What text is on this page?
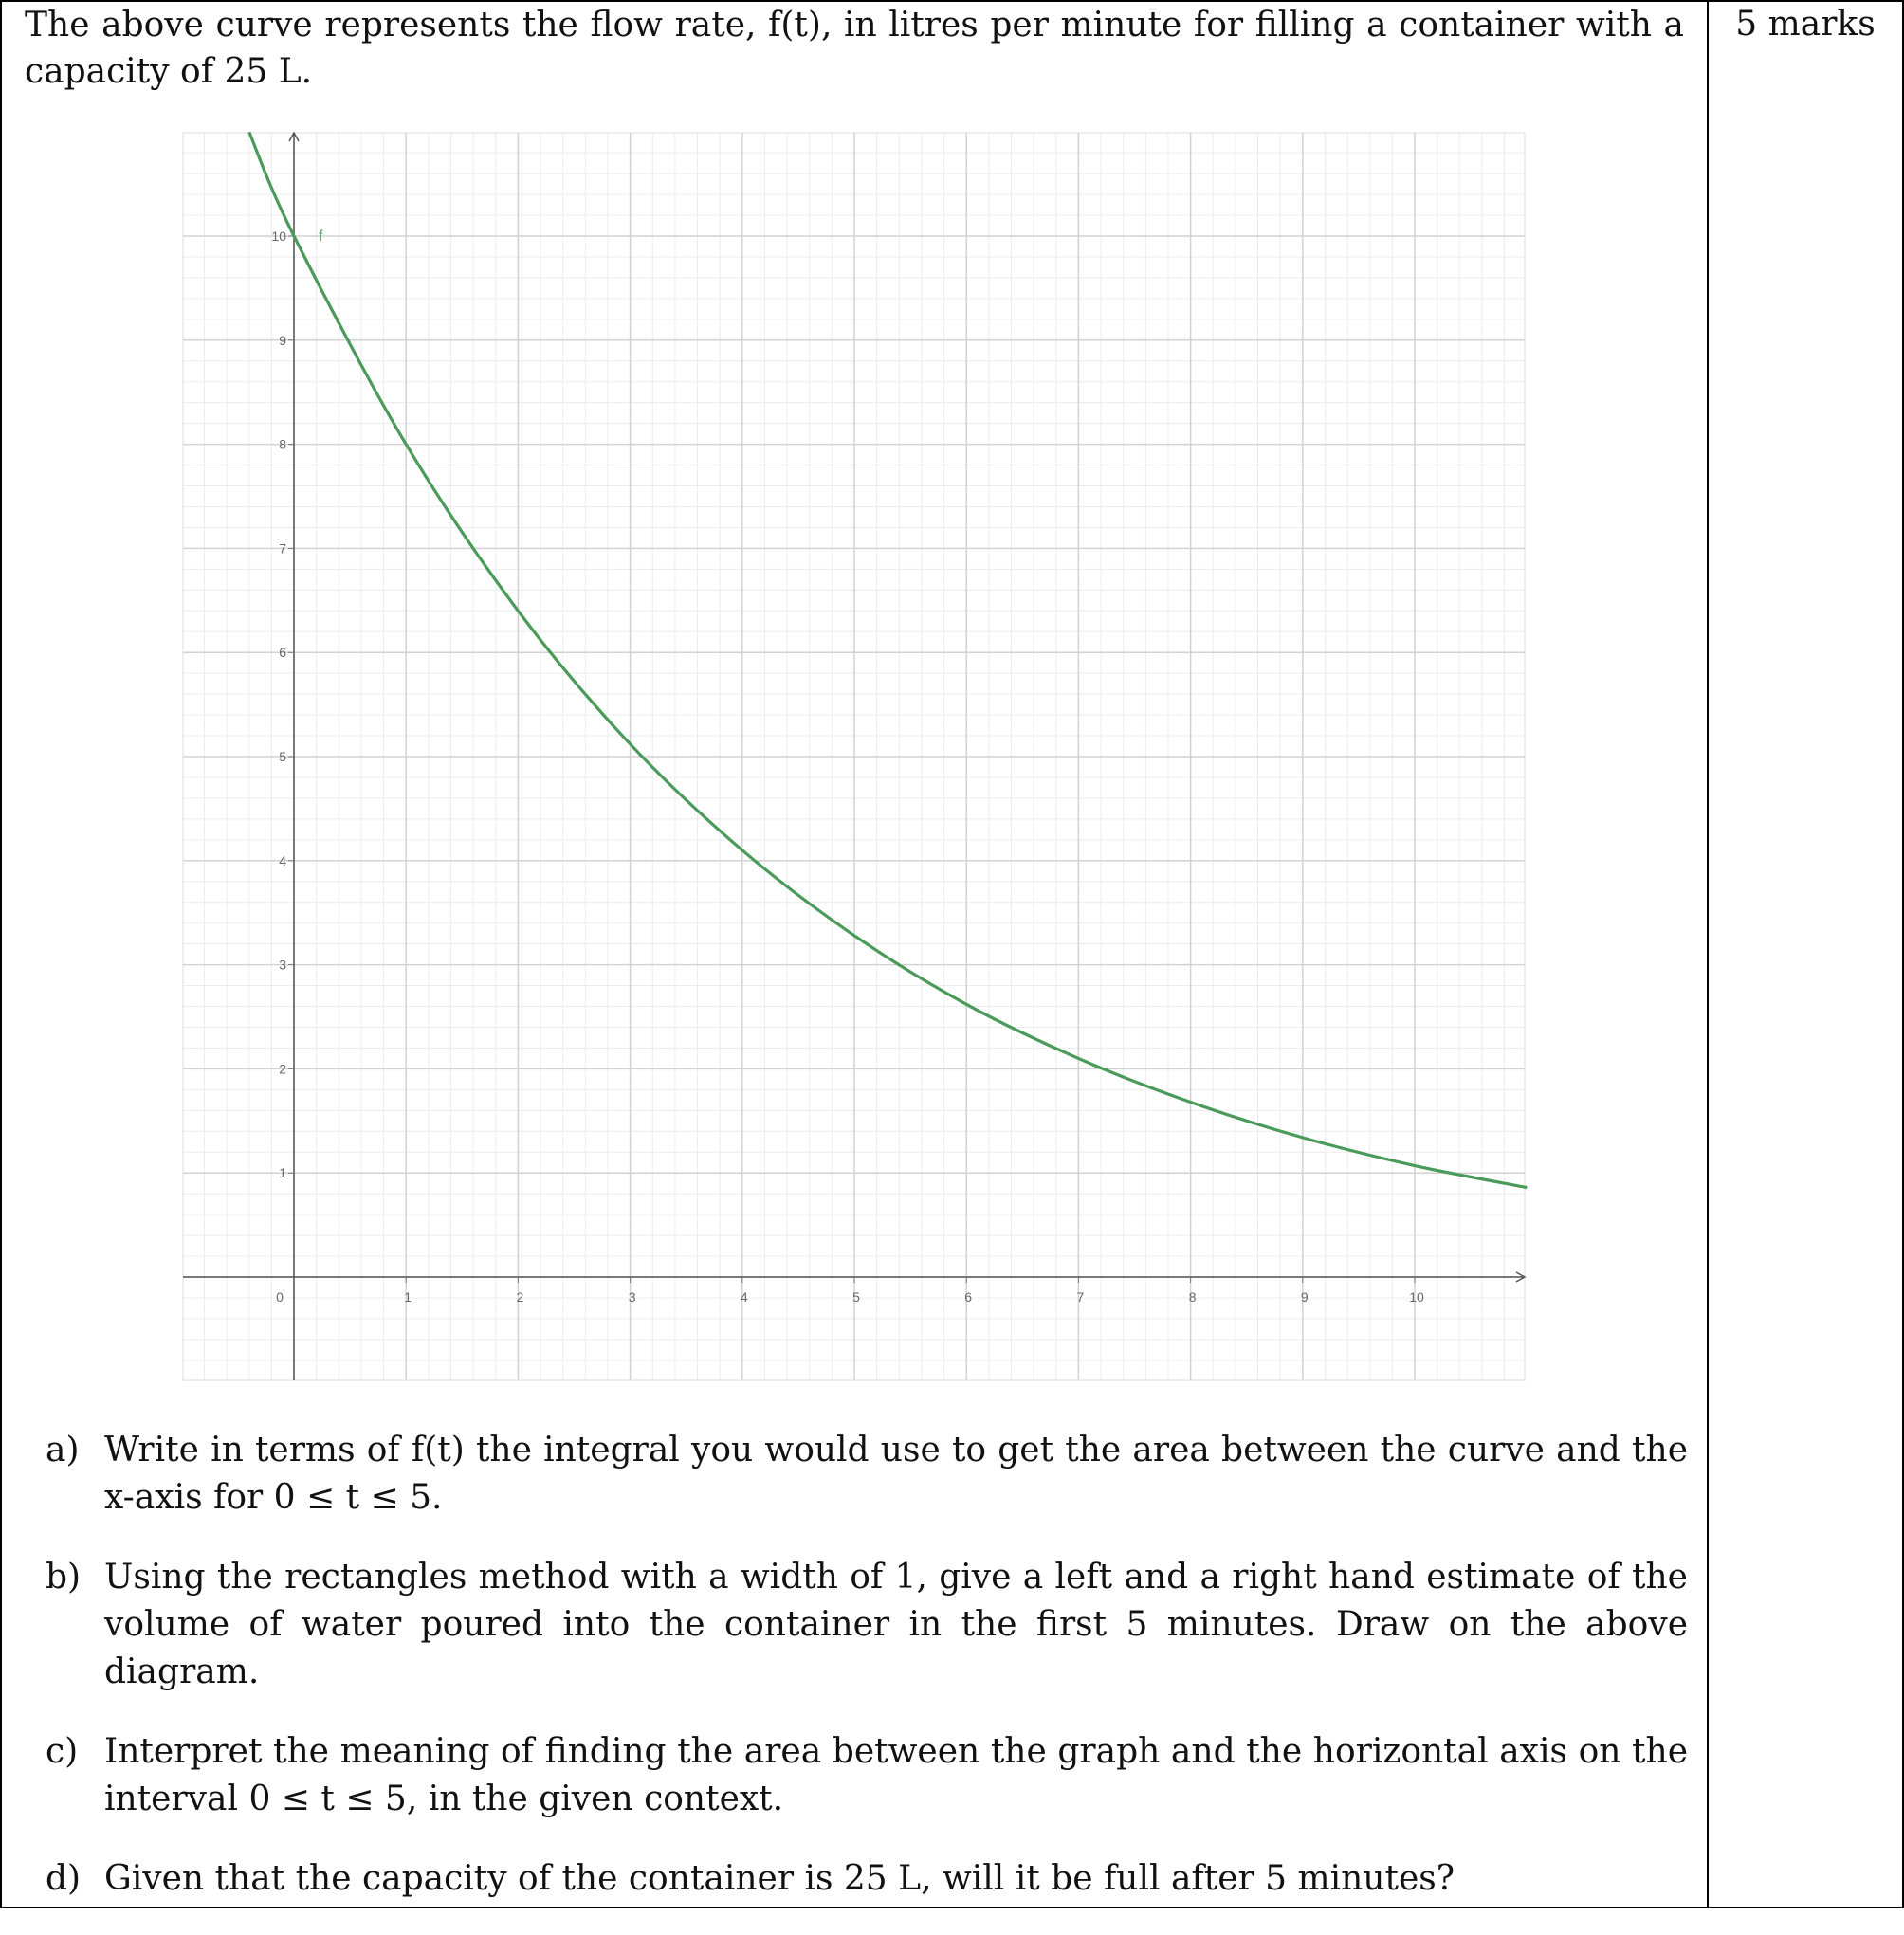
5 marks
The above curve represents the flow rate, f(t), in litres per minute for filling a container with a
capacity of 25 L.
0	1	2	3	4	5	6	7	8	9	10
1
2
3
4
5
6
7
8
9
10 f
a) Write in terms of f(t) the integral you would use to get the area between the curve and the x-axis for 0 ≤ t ≤ 5.
b) Using the rectangles method with a width of 1, give a left and a right hand estimate of the volume of water poured into the container in the first 5 minutes. Draw on the above diagram.
c) Interpret the meaning of finding the area between the graph and the horizontal axis on the interval 0 ≤ t ≤ 5, in the given context.
d) Given that the capacity of the container is 25 L, will it be full after 5 minutes?
